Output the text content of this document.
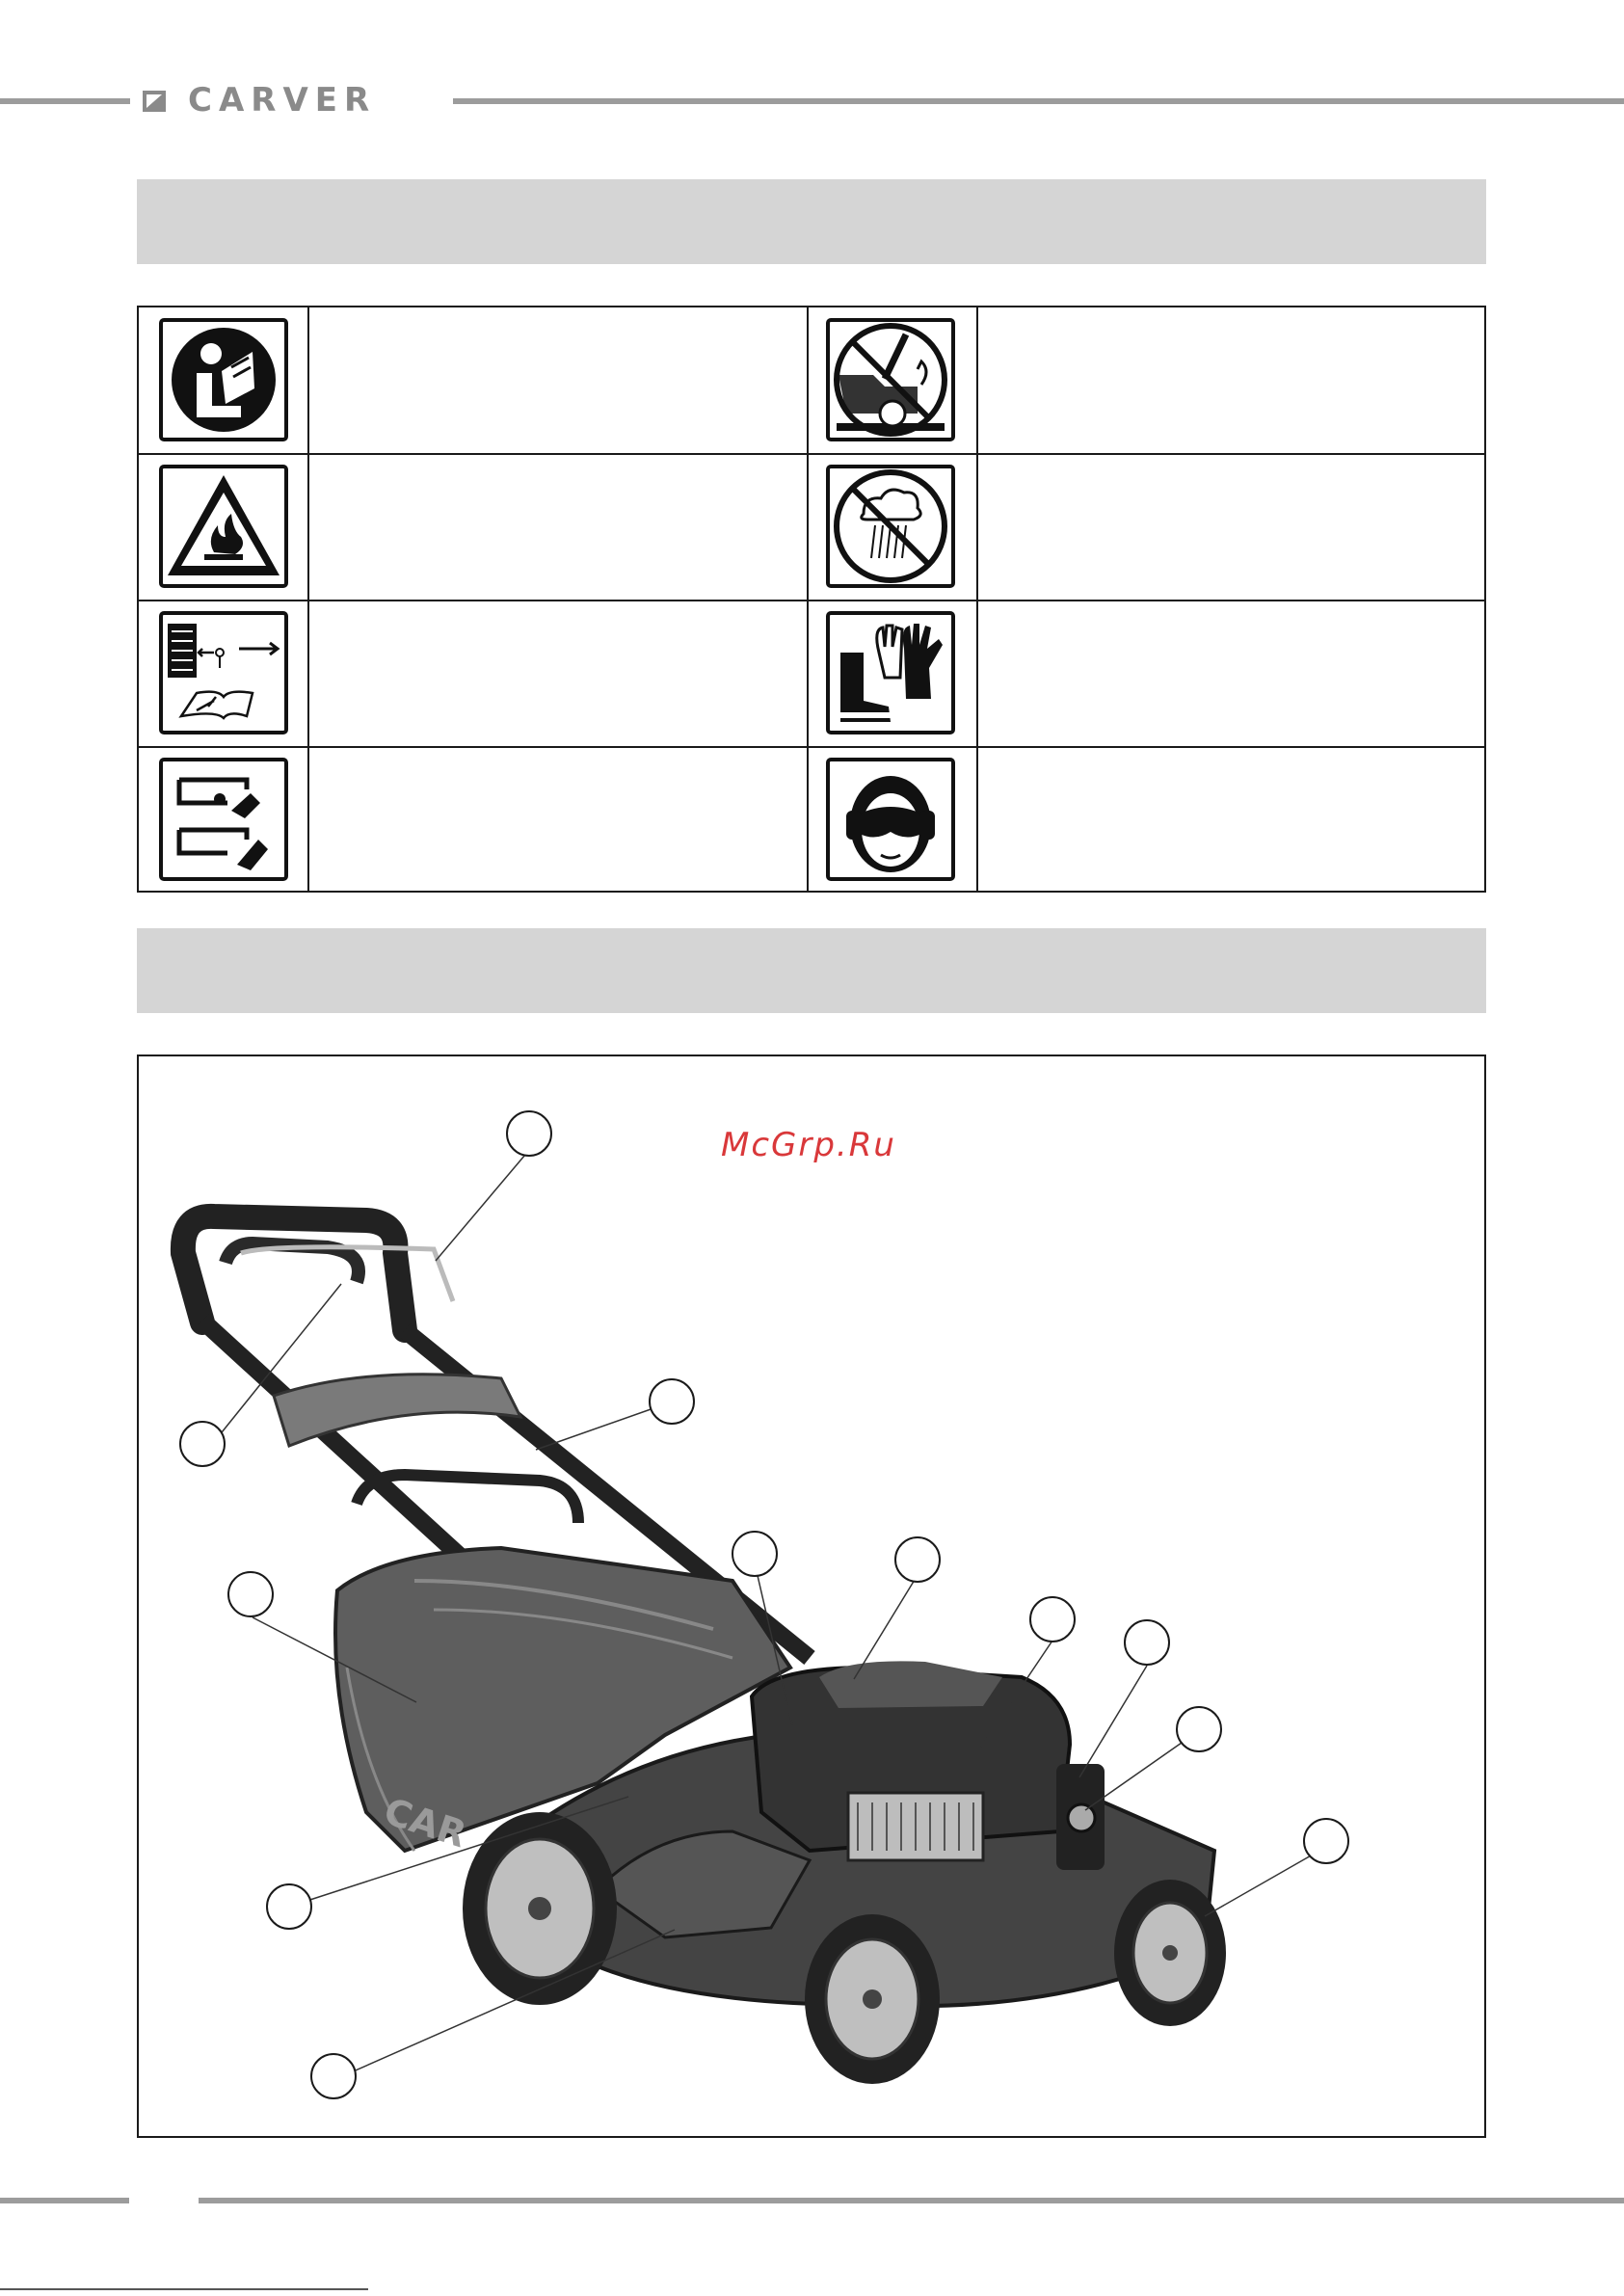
CARVER
McGrp.Ru
CAR
